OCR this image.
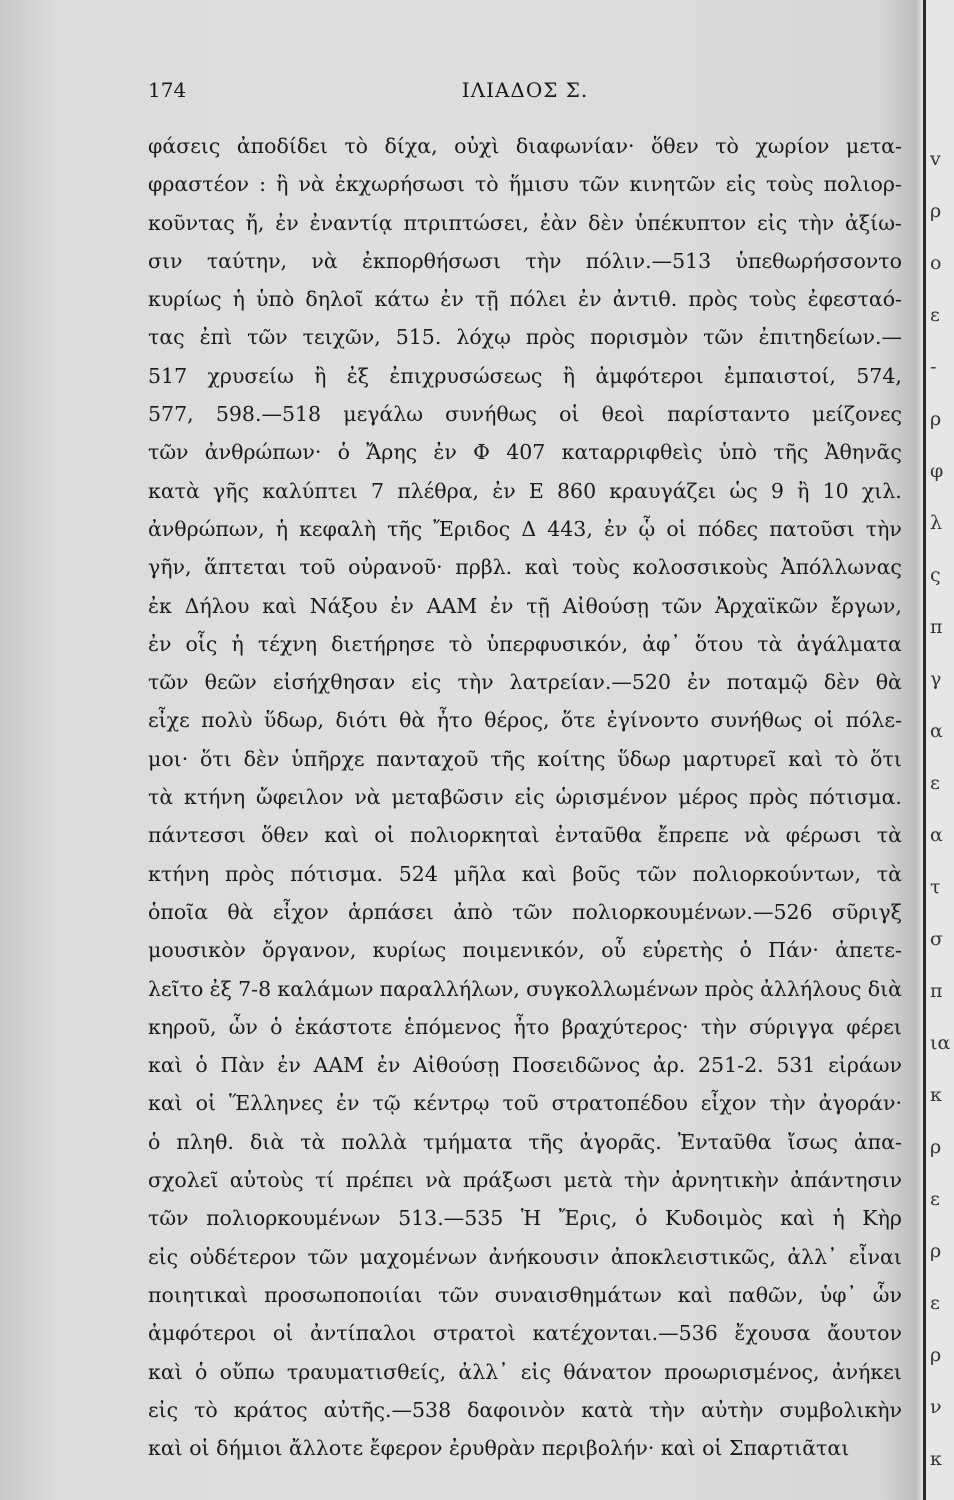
174	ΙΛΙΑΔΟΣ Σ.
φάσεις ἀποδίδει τὸ δίχα, οὐχὶ διαφωνίαν· ὅθεν τὸ χωρίον μετα-
φραστέον : ἢ νὰ ἐκχωρήσωσι τὸ ἥμισυ τῶν κινητῶν εἰς τοὺς πολιορ-
κοῦντας ἤ, ἐν ἐναντίᾳ πτριπτώσει, ἐὰν δὲν ὑπέκυπτον εἰς τὴν ἀξίω-
σιν ταύτην, νὰ ἐκπορθήσωσι τὴν πόλιν.—513 ὑπεθωρήσσοντο
κυρίως ἡ ὑπὸ δηλοῖ κάτω ἐν τῇ πόλει ἐν ἀντιθ. πρὸς τοὺς ἐφεσταό-
τας ἐπὶ τῶν τειχῶν, 515. λόχῳ πρὸς πορισμὸν τῶν ἐπιτηδείων.—
517 χρυσείω ἢ ἐξ ἐπιχρυσώσεως ἢ ἀμφότεροι ἐμπαιστοί, 574,
577, 598.—518 μεγάλω συνήθως οἱ θεοὶ παρίσταντο μείζονες
τῶν ἀνθρώπων· ὁ Ἄρης ἐν Φ 407 καταρριφθεὶς ὑπὸ τῆς Ἀθηνᾶς
κατὰ γῆς καλύπτει 7 πλέθρα, ἐν Ε 860 κραυγάζει ὡς 9 ἢ 10 χιλ.
ἀνθρώπων, ἡ κεφαλὴ τῆς Ἔριδος Δ 443, ἐν ᾧ οἱ πόδες πατοῦσι τὴν
γῆν, ἅπτεται τοῦ οὐρανοῦ· πρβλ. καὶ τοὺς κολοσσικοὺς Ἀπόλλωνας
ἐκ Δήλου καὶ Νάξου ἐν ΑΑΜ ἐν τῇ Αἰθούσῃ τῶν Ἀρχαϊκῶν ἔργων,
ἐν οἷς ἡ τέχνη διετήρησε τὸ ὑπερφυσικόν, ἀφ᾽ ὅτου τὰ ἀγάλματα
τῶν θεῶν εἰσήχθησαν εἰς τὴν λατρείαν.—520 ἐν ποταμῷ δὲν θὰ
εἶχε πολὺ ὕδωρ, διότι θὰ ἦτο θέρος, ὅτε ἐγίνοντο συνήθως οἱ πόλε-
μοι· ὅτι δὲν ὑπῆρχε πανταχοῦ τῆς κοίτης ὕδωρ μαρτυρεῖ καὶ τὸ ὅτι
τὰ κτήνη ὤφειλον νὰ μεταβῶσιν εἰς ὡρισμένον μέρος πρὸς πότισμα.
πάντεσσι ὅθεν καὶ οἱ πολιορκηταὶ ἐνταῦθα ἔπρεπε νὰ φέρωσι τὰ
κτήνη πρὸς πότισμα. 524 μῆλα καὶ βοῦς τῶν πολιορκούντων, τὰ
ὁποῖα θὰ εἶχον ἁρπάσει ἀπὸ τῶν πολιορκουμένων.—526 σῦριγξ
μουσικὸν ὄργανον, κυρίως ποιμενικόν, οὗ εὑρετὴς ὁ Πάν· ἀπετε-
λεῖτο ἐξ 7-8 καλάμων παραλλήλων, συγκολλωμένων πρὸς ἀλλήλους διὰ
κηροῦ, ὧν ὁ ἑκάστοτε ἑπόμενος ἦτο βραχύτερος· τὴν σύριγγα φέρει
καὶ ὁ Πὰν ἐν ΑΑΜ ἐν Αἰθούσῃ Ποσειδῶνος ἀρ. 251-2. 531 εἰράων
καὶ οἱ Ἕλληνες ἐν τῷ κέντρῳ τοῦ στρατοπέδου εἶχον τὴν ἀγοράν·
ὁ πληθ. διὰ τὰ πολλὰ τμήματα τῆς ἀγορᾶς. Ἐνταῦθα ἴσως ἀπα-
σχολεῖ αὐτοὺς τί πρέπει νὰ πράξωσι μετὰ τὴν ἀρνητικὴν ἀπάντησιν
τῶν πολιορκουμένων 513.—535 Ἡ Ἔρις, ὁ Κυδοιμὸς καὶ ἡ Κὴρ
εἰς οὐδέτερον τῶν μαχομένων ἀνήκουσιν ἀποκλειστικῶς, ἀλλ᾽ εἶναι
ποιητικαὶ προσωποποιίαι τῶν συναισθημάτων καὶ παθῶν, ὑφ᾽ ὧν
ἀμφότεροι οἱ ἀντίπαλοι στρατοὶ κατέχονται.—536 ἔχουσα ἄουτον
καὶ ὁ οὔπω τραυματισθείς, ἀλλ᾽ εἰς θάνατον προωρισμένος, ἀνήκει
εἰς τὸ κράτος αὐτῆς.—538 δαφοινὸν κατὰ τὴν αὐτὴν συμβολικὴν
καὶ οἱ δήμιοι ἄλλοτε ἔφερον ἐρυθρὰν περιβολήν· καὶ οἱ Σπαρτιᾶται
v
ρ
o
ε
-
ρ
φ
λ
ς
π
γ
α
ε
α
τ
σ
π
ια
κ
ρ
ε
ρ
ε
ρ
ν
κ
